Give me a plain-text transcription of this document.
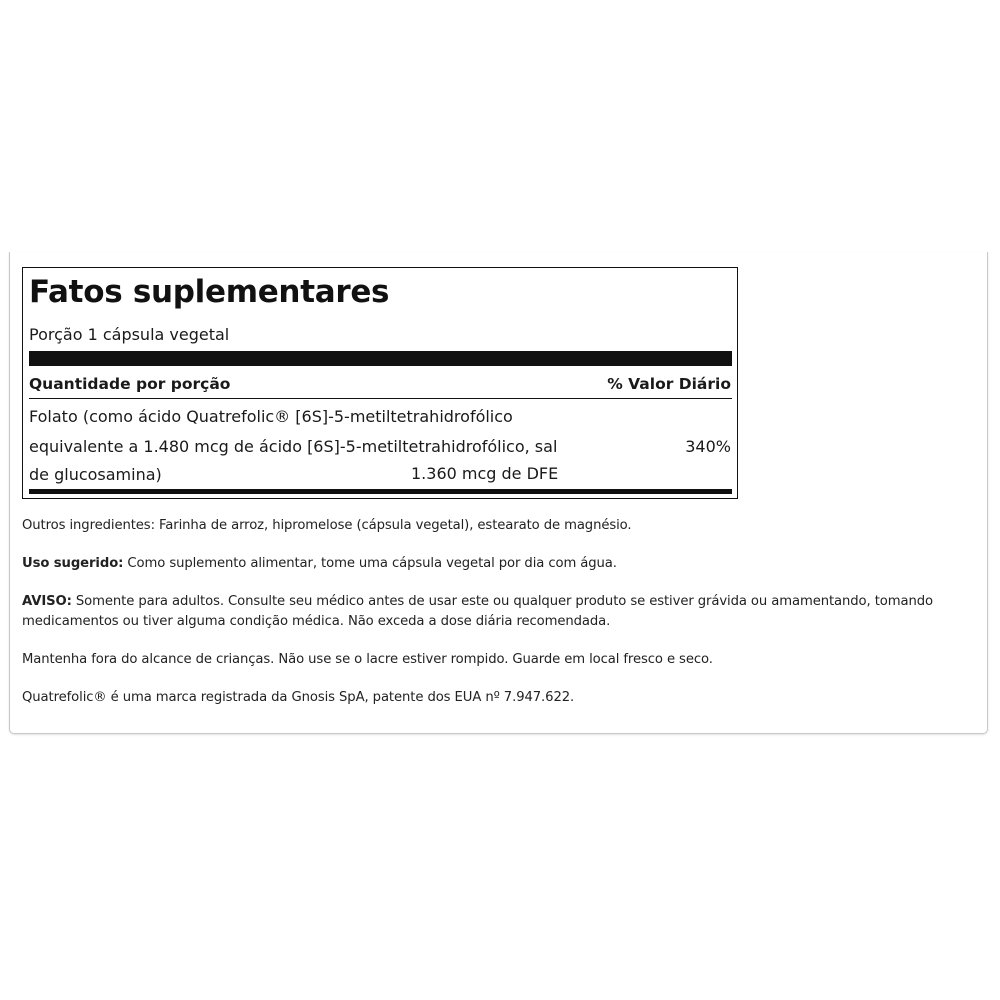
Fatos suplementares
Porção 1 cápsula vegetal
Quantidade por porção	% Valor Diário
Folato (como ácido Quatrefolic® [6S]-5-metiltetrahidrofólico
equivalente a 1.480 mcg de ácido [6S]-5-metiltetrahidrofólico, sal
de glucosamina)	1.360 mcg de DFE
340%
Outros ingredientes: Farinha de arroz, hipromelose (cápsula vegetal), estearato de magnésio.
Uso sugerido: Como suplemento alimentar, tome uma cápsula vegetal por dia com água.
AVISO: Somente para adultos. Consulte seu médico antes de usar este ou qualquer produto se estiver grávida ou amamentando, tomando
medicamentos ou tiver alguma condição médica. Não exceda a dose diária recomendada.
Mantenha fora do alcance de crianças. Não use se o lacre estiver rompido. Guarde em local fresco e seco.
Quatrefolic® é uma marca registrada da Gnosis SpA, patente dos EUA nº 7.947.622.
